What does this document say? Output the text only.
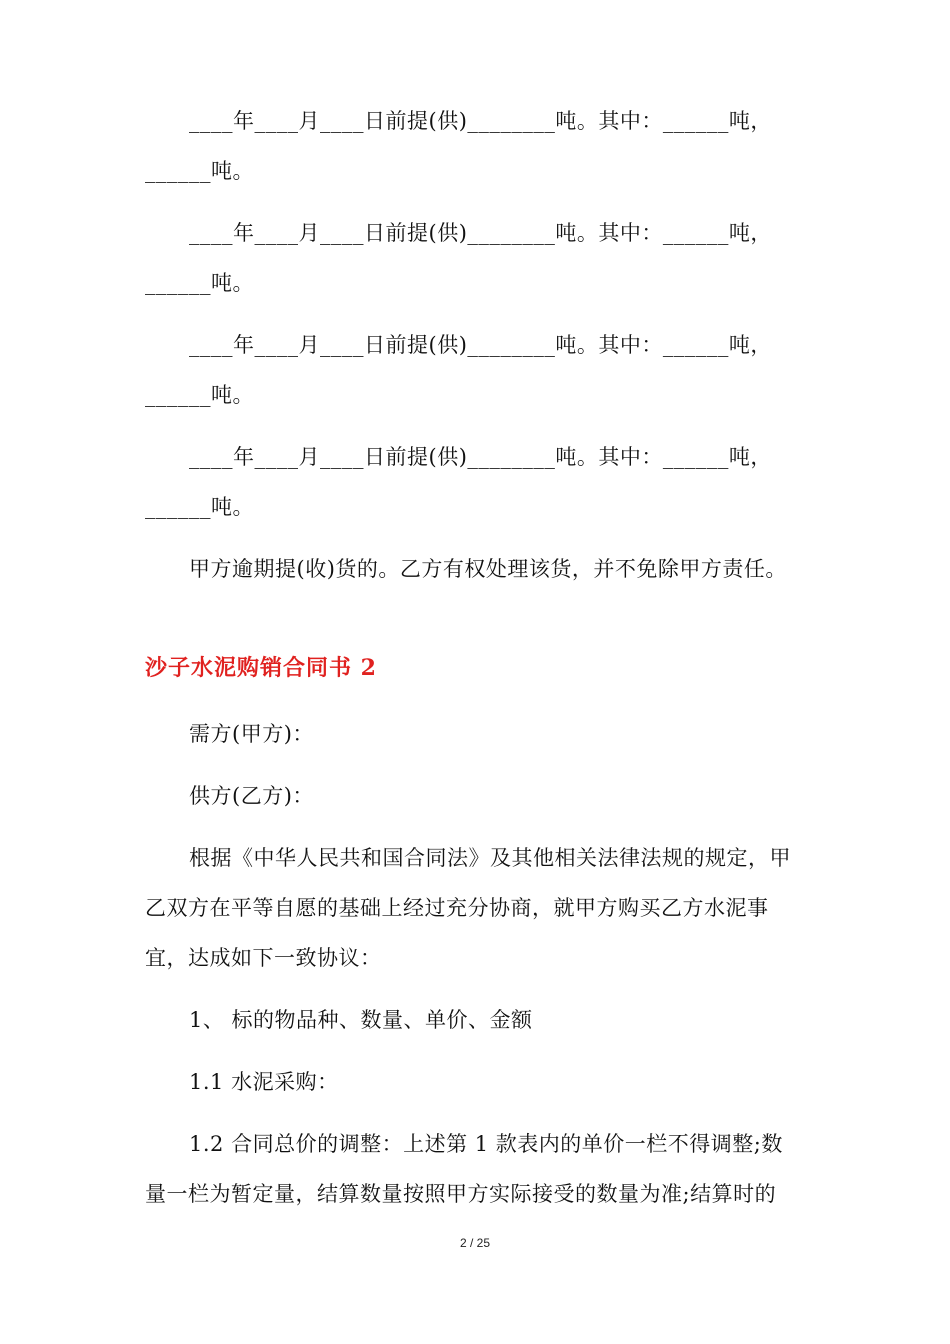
____年____月____日前提(供)________吨。其中：______吨，
______吨。
____年____月____日前提(供)________吨。其中：______吨，
______吨。
____年____月____日前提(供)________吨。其中：______吨，
______吨。
____年____月____日前提(供)________吨。其中：______吨，
______吨。
甲方逾期提(收)货的。乙方有权处理该货，并不免除甲方责任。
沙子水泥购销合同书 2
需方(甲方)：
供方(乙方)：
根据《中华人民共和国合同法》及其他相关法律法规的规定，甲
乙双方在平等自愿的基础上经过充分协商，就甲方购买乙方水泥事
宜，达成如下一致协议：
1、 标的物品种、数量、单价、金额
1.1 水泥采购：
1.2 合同总价的调整：上述第 1 款表内的单价一栏不得调整;数
量一栏为暂定量，结算数量按照甲方实际接受的数量为准;结算时的
2 / 25
